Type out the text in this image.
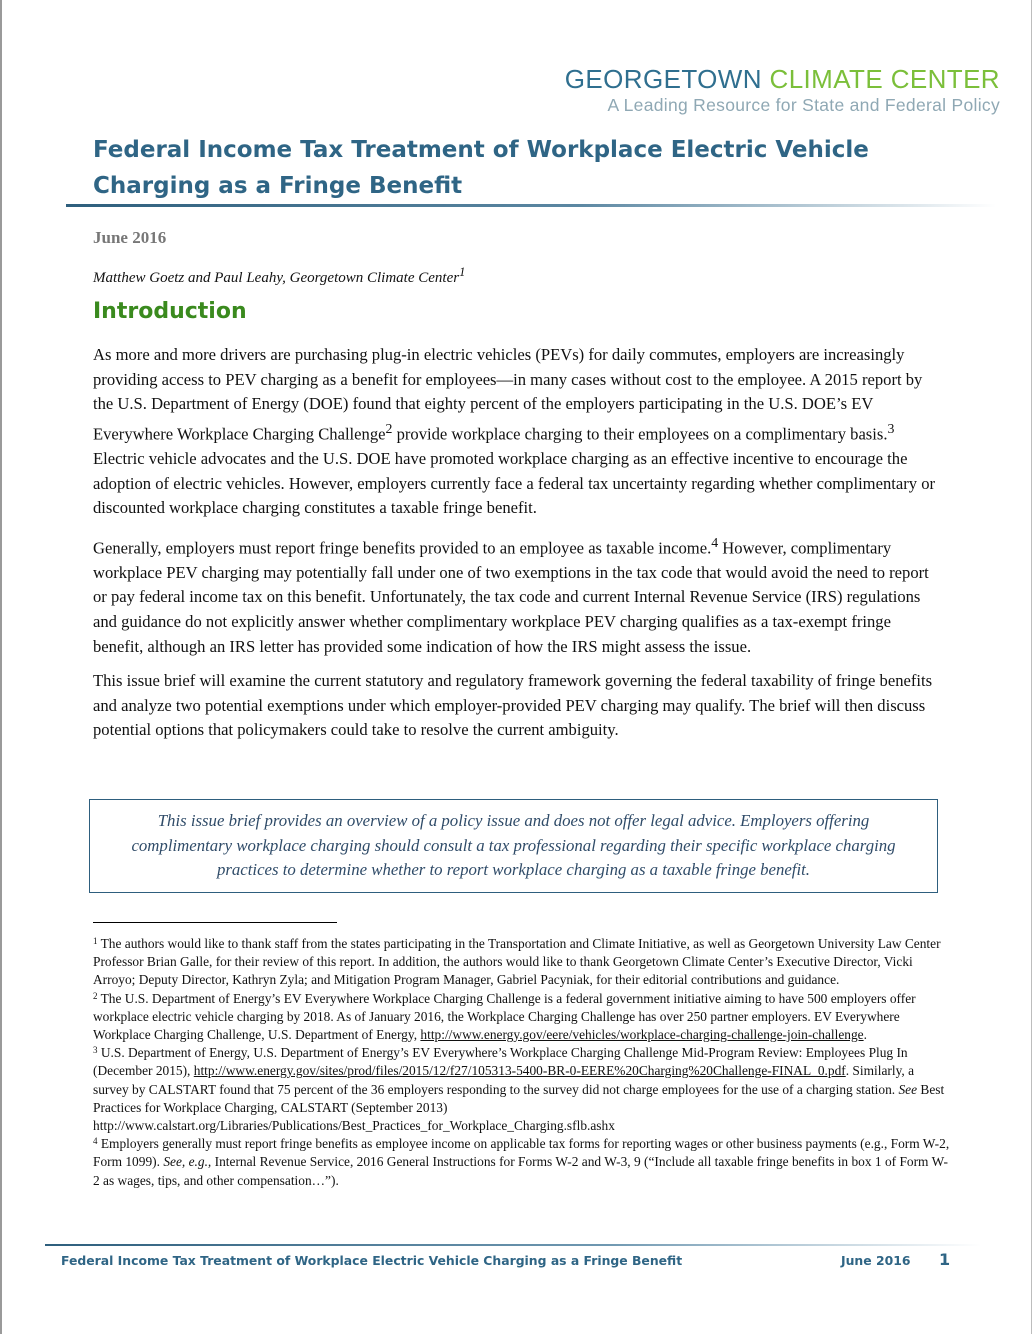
GEORGETOWN CLIMATE CENTER
A Leading Resource for State and Federal Policy
Federal Income Tax Treatment of Workplace Electric Vehicle Charging as a Fringe Benefit
June 2016
Matthew Goetz and Paul Leahy, Georgetown Climate Center$^1$
Introduction

As more and more drivers are purchasing plug-in electric vehicles (PEVs) for daily commutes, employers are increasingly providing access to PEV charging as a benefit for employees—in many cases without cost to the employee. A 2015 report by the U.S. Department of Energy (DOE) found that eighty percent of the employers participating in the U.S. DOE’s EV Everywhere Workplace Charging Challenge$^2$ provide workplace charging to their employees on a complimentary basis.$^3$ Electric vehicle advocates and the U.S. DOE have promoted workplace charging as an effective incentive to encourage the adoption of electric vehicles. However, employers currently face a federal tax uncertainty regarding whether complimentary or discounted workplace charging constitutes a taxable fringe benefit.

Generally, employers must report fringe benefits provided to an employee as taxable income.$^4$ However, complimentary workplace PEV charging may potentially fall under one of two exemptions in the tax code that would avoid the need to report or pay federal income tax on this benefit. Unfortunately, the tax code and current Internal Revenue Service (IRS) regulations and guidance do not explicitly answer whether complimentary workplace PEV charging qualifies as a tax-exempt fringe benefit, although an IRS letter has provided some indication of how the IRS might assess the issue.

This issue brief will examine the current statutory and regulatory framework governing the federal taxability of fringe benefits and analyze two potential exemptions under which employer-provided PEV charging may qualify. The brief will then discuss potential options that policymakers could take to resolve the current ambiguity.

This issue brief provides an overview of a policy issue and does not offer legal advice. Employers offering complimentary workplace charging should consult a tax professional regarding their specific workplace charging practices to determine whether to report workplace charging as a taxable fringe benefit.

$^1$ The authors would like to thank staff from the states participating in the Transportation and Climate Initiative, as well as Georgetown University Law Center Professor Brian Galle, for their review of this report. In addition, the authors would like to thank Georgetown Climate Center’s Executive Director, Vicki Arroyo; Deputy Director, Kathryn Zyla; and Mitigation Program Manager, Gabriel Pacyniak, for their editorial contributions and guidance.

$^2$ The U.S. Department of Energy’s EV Everywhere Workplace Charging Challenge is a federal government initiative aiming to have 500 employers offer workplace electric vehicle charging by 2018. As of January 2016, the Workplace Charging Challenge has over 250 partner employers. EV Everywhere Workplace Charging Challenge, U.S. Department of Energy, http://www.energy.gov/eere/vehicles/workplace-charging-challenge-join-challenge.

$^3$ U.S. Department of Energy, U.S. Department of Energy’s EV Everywhere’s Workplace Charging Challenge Mid-Program Review: Employees Plug In (December 2015), http://www.energy.gov/sites/prod/files/2015/12/f27/105313-5400-BR-0-EERE%20Charging%20Challenge-FINAL_0.pdf. Similarly, a survey by CALSTART found that 75 percent of the 36 employers responding to the survey did not charge employees for the use of a charging station. See Best Practices for Workplace Charging, CALSTART (September 2013) http://www.calstart.org/Libraries/Publications/Best_Practices_for_Workplace_Charging.sflb.ashx

$^4$ Employers generally must report fringe benefits as employee income on applicable tax forms for reporting wages or other business payments (e.g., Form W-2, Form 1099). See, e.g., Internal Revenue Service, 2016 General Instructions for Forms W-2 and W-3, 9 (“Include all taxable fringe benefits in box 1 of Form W-2 as wages, tips, and other compensation…”).

Federal Income Tax Treatment of Workplace Electric Vehicle Charging as a Fringe Benefit	June 2016 1
